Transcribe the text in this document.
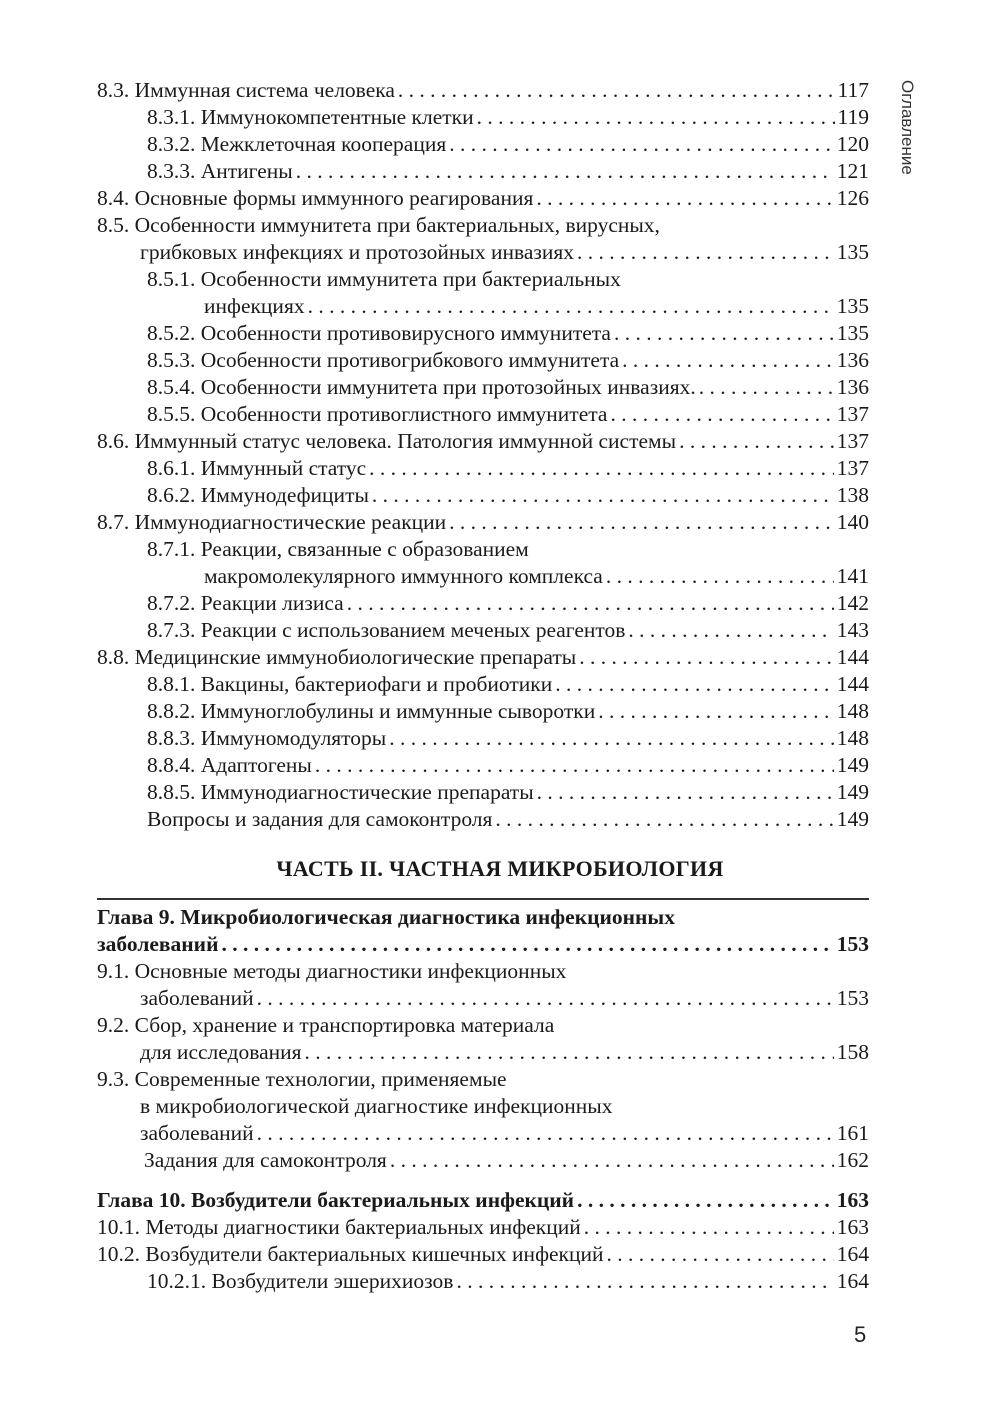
Оглавление
8.3. Иммунная система человека . . .	117
8.3.1. Иммунокомпетентные клетки . . .	119
8.3.2. Межклеточная кооперация . . .	120
8.3.3. Антигены . . .	121
8.4. Основные формы иммунного реагирования . . .	126
8.5. Особенности иммунитета при бактериальных, вирусных,
грибковых инфекциях и протозойных инвазиях . . .	135
8.5.1. Особенности иммунитета при бактериальных
инфекциях . . .	135
8.5.2. Особенности противовирусного иммунитета . . .	135
8.5.3. Особенности противогрибкового иммунитета . . .	136
8.5.4. Особенности иммунитета при протозойных инвазиях. . . .	136
8.5.5. Особенности противоглистного иммунитета . . .	137
8.6. Иммунный статус человека. Патология иммунной системы . . .	137
8.6.1. Иммунный статус . . .	137
8.6.2. Иммунодефициты . . .	138
8.7. Иммунодиагностические реакции . . .	140
8.7.1. Реакции, связанные с образованием
макромолекулярного иммунного комплекса . . .	141
8.7.2. Реакции лизиса . . .	142
8.7.3. Реакции с использованием меченых реагентов . . .	143
8.8. Медицинские иммунобиологические препараты . . .	144
8.8.1. Вакцины, бактериофаги и пробиотики . . .	144
8.8.2. Иммуноглобулины и иммунные сыворотки . . .	148
8.8.3. Иммуномодуляторы . . .	148
8.8.4. Адаптогены . . .	149
8.8.5. Иммунодиагностические препараты . . .	149
Вопросы и задания для самоконтроля . . .	149
ЧАСТЬ II. ЧАСТНАЯ МИКРОБИОЛОГИЯ
Глава 9. Микробиологическая диагностика инфекционных
заболеваний . . .	153
9.1. Основные методы диагностики инфекционных
заболеваний . . .	153
9.2. Сбор, хранение и транспортировка материала
для исследования . . .	158
9.3. Современные технологии, применяемые
в микробиологической диагностике инфекционных
заболеваний . . .	161
Задания для самоконтроля . . .	162
Глава 10. Возбудители бактериальных инфекций . . .	163
10.1. Методы диагностики бактериальных инфекций . . .	163
10.2. Возбудители бактериальных кишечных инфекций . . .	164
10.2.1. Возбудители эшерихиозов . . .	164
5
